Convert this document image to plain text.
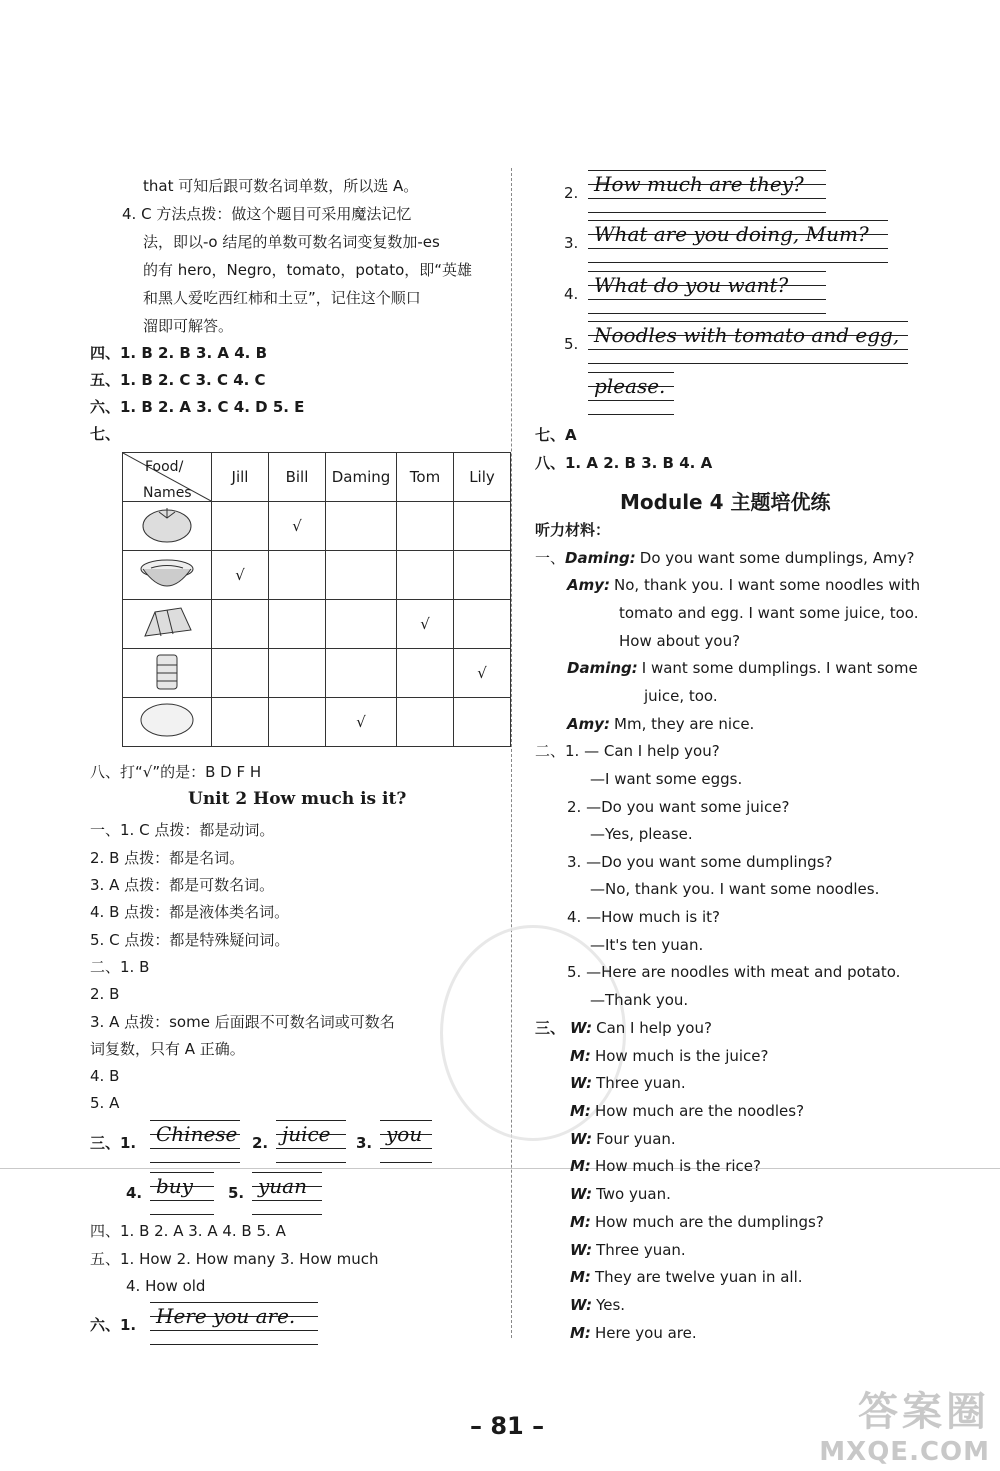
that 可知后跟可数名词单数，所以选 A。
4. C 方法点拨：做这个题目可采用魔法记忆
法，即以-o 结尾的单数可数名词变复数加-es
的有 hero，Negro，tomato，potato，即“英雄
和黑人爱吃西红柿和土豆”，记住这个顺口
溜即可解答。
四、1. B 2. B 3. A 4. B
五、1. B 2. C 3. C 4. C
六、1. B 2. A 3. C 4. D 5. E
七、
Food/
Names	Jill	Bill	Daming	Tom	Lily
		√			
	√				
				√	
					√
			√		
八、打“√”的是：B D F H
Unit 2 How much is it?
一、1. C 点拨：都是动词。
2. B 点拨：都是名词。
3. A 点拨：都是可数名词。
4. B 点拨：都是液体类名词。
5. C 点拨：都是特殊疑问词。
二、1. B
2. B
3. A 点拨：some 后面跟不可数名词或可数名
词复数，只有 A 正确。
4. B
5. A
三、1. Chinese 2. juice 3. you
4. buy 5. yuan
四、1. B 2. A 3. A 4. B 5. A
五、1. How 2. How many 3. How much
4. How old
六、1. Here you are.
2. How much are they?
3. What are you doing, Mum?
4. What do you want?
5. Noodles with tomato and egg,
please.
七、A
八、1. A 2. B 3. B 4. A
Module 4 主题培优练
听力材料：
一、Daming: Do you want some dumplings, Amy?
Amy: No, thank you. I want some noodles with
tomato and egg. I want some juice, too.
How about you?
Daming: I want some dumplings. I want some
juice, too.
Amy: Mm, they are nice.
二、1. — Can I help you?
—I want some eggs.
2. —Do you want some juice?
—Yes, please.
3. —Do you want some dumplings?
—No, thank you. I want some noodles.
4. —How much is it?
—It's ten yuan.
5. —Here are noodles with meat and potato.
—Thank you.
三、 W: Can I help you?
M: How much is the juice?
W: Three yuan.
M: How much are the noodles?
W: Four yuan.
M: How much is the rice?
W: Two yuan.
M: How much are the dumplings?
W: Three yuan.
M: They are twelve yuan in all.
W: Yes.
M: Here you are.
– 81 –	答案圈
MXQE.COM
